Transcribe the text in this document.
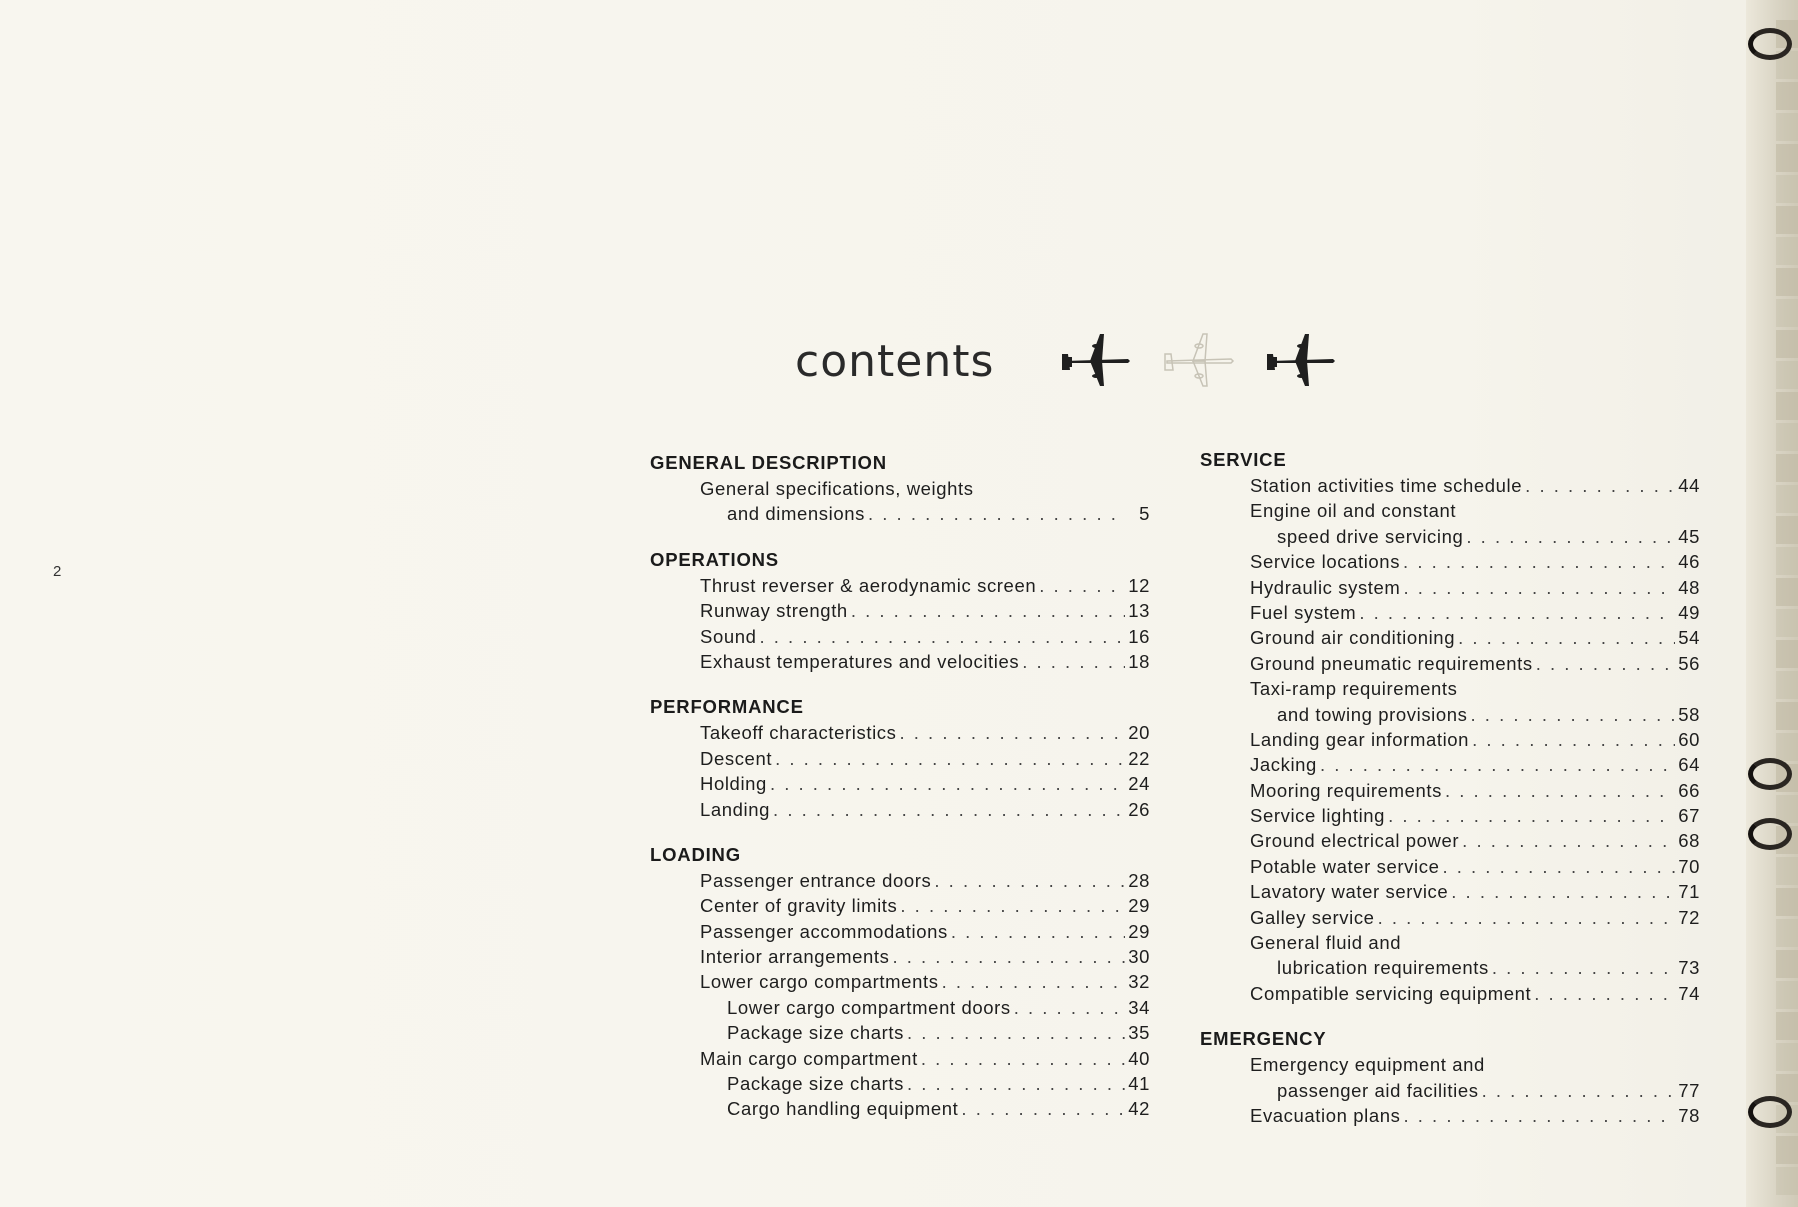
2
contents
GENERAL DESCRIPTION
General specifications, weights
and dimensions . . .	5
OPERATIONS
Thrust reverser & aerodynamic screen . . .	12
Runway strength . . .	13
Sound . . .	16
Exhaust temperatures and velocities . . .	18
PERFORMANCE
Takeoff characteristics . . .	20
Descent . . .	22
Holding . . .	24
Landing . . .	26
LOADING
Passenger entrance doors . . .	28
Center of gravity limits . . .	29
Passenger accommodations . . .	29
Interior arrangements . . .	30
Lower cargo compartments . . .	32
Lower cargo compartment doors . . .	34
Package size charts . . .	35
Main cargo compartment . . .	40
Package size charts . . .	41
Cargo handling equipment . . .	42
SERVICE
Station activities time schedule . . .	44
Engine oil and constant
speed drive servicing . . .	45
Service locations . . .	46
Hydraulic system . . .	48
Fuel system . . .	49
Ground air conditioning . . .	54
Ground pneumatic requirements . . .	56
Taxi-ramp requirements
and towing provisions . . .	58
Landing gear information . . .	60
Jacking . . .	64
Mooring requirements . . .	66
Service lighting . . .	67
Ground electrical power . . .	68
Potable water service . . .	70
Lavatory water service . . .	71
Galley service . . .	72
General fluid and
lubrication requirements . . .	73
Compatible servicing equipment . . .	74
EMERGENCY
Emergency equipment and
passenger aid facilities . . .	77
Evacuation plans . . .	78
